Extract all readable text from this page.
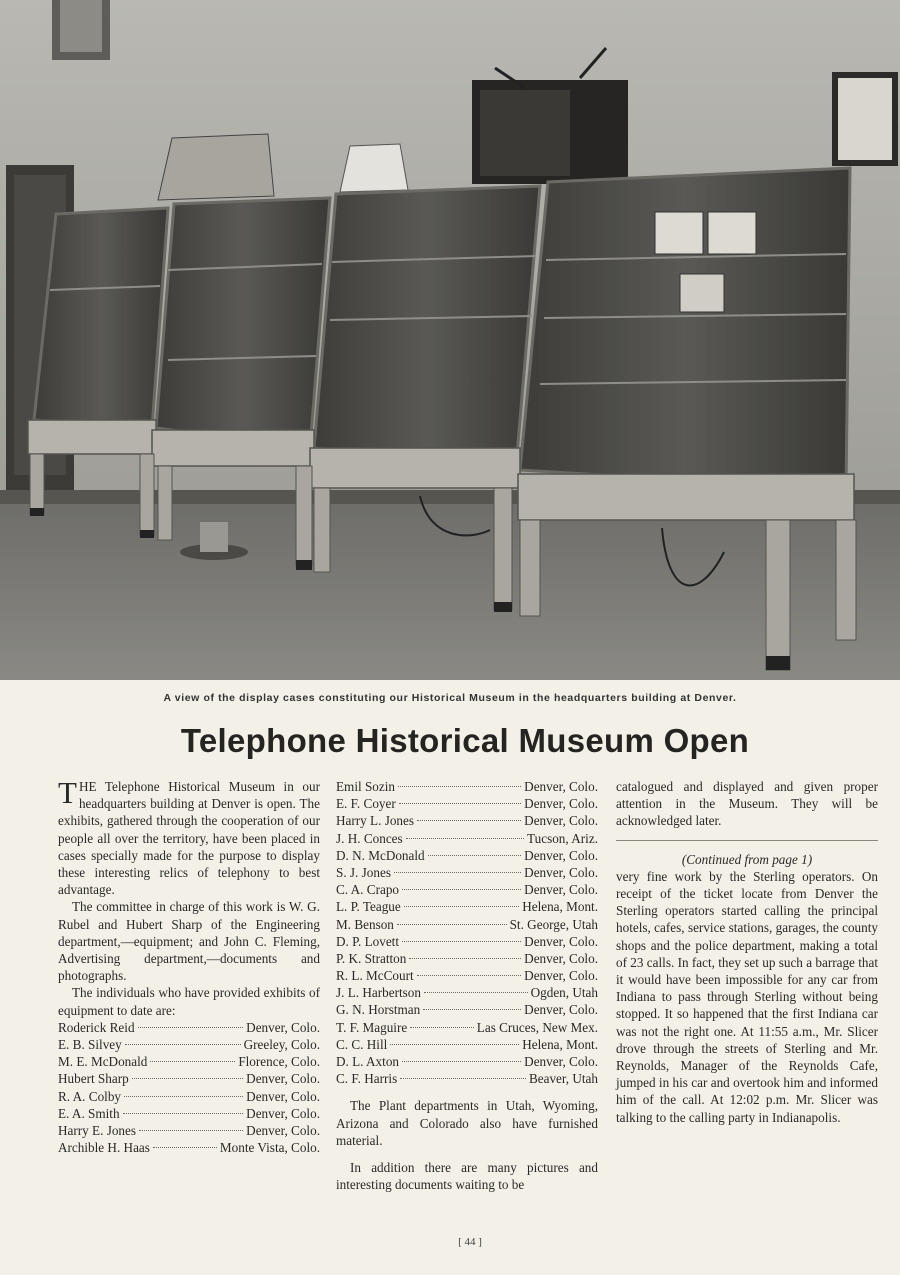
A view of the display cases constituting our Historical Museum in the headquarters building at Denver.
Telephone Historical Museum Open

THE Telephone Historical Museum in our headquarters building at Denver is open. The exhibits, gathered through the cooperation of our people all over the territory, have been placed in cases specially made for the purpose to display these interesting relics of telephony to best advantage.

The committee in charge of this work is W. G. Rubel and Hubert Sharp of the Engineering department,—equipment; and John C. Fleming, Advertising department,—documents and photographs.

The individuals who have provided exhibits of equipment to date are:

Roderick Reid	Denver, Colo.
E. B. Silvey	Greeley, Colo.
M. E. McDonald	Florence, Colo.
Hubert Sharp	Denver, Colo.
R. A. Colby	Denver, Colo.
E. A. Smith	Denver, Colo.
Harry E. Jones	Denver, Colo.
Archible H. Haas	Monte Vista, Colo.
Emil Sozin	Denver, Colo.
E. F. Coyer	Denver, Colo.
Harry L. Jones	Denver, Colo.
J. H. Conces	Tucson, Ariz.
D. N. McDonald	Denver, Colo.
S. J. Jones	Denver, Colo.
C. A. Crapo	Denver, Colo.
L. P. Teague	Helena, Mont.
M. Benson	St. George, Utah
D. P. Lovett	Denver, Colo.
P. K. Stratton	Denver, Colo.
R. L. McCourt	Denver, Colo.
J. L. Harbertson	Ogden, Utah
G. N. Horstman	Denver, Colo.
T. F. Maguire	Las Cruces, New Mex.
C. C. Hill	Helena, Mont.
D. L. Axton	Denver, Colo.
C. F. Harris	Beaver, Utah

The Plant departments in Utah, Wyoming, Arizona and Colorado also have furnished material.

In addition there are many pictures and interesting documents waiting to be

catalogued and displayed and given proper attention in the Museum. They will be acknowledged later.

(Continued from page 1)

very fine work by the Sterling operators. On receipt of the ticket locate from Denver the Sterling operators started calling the principal hotels, cafes, service stations, garages, the county shops and the police department, making a total of 23 calls. In fact, they set up such a barrage that it would have been impossible for any car from Indiana to pass through Sterling without being stopped. It so happened that the first Indiana car was not the right one. At 11:55 a.m., Mr. Slicer drove through the streets of Sterling and Mr. Reynolds, Manager of the Reynolds Cafe, jumped in his car and overtook him and informed him of the call. At 12:02 p.m. Mr. Slicer was talking to the calling party in Indianapolis.

[ 44 ]
